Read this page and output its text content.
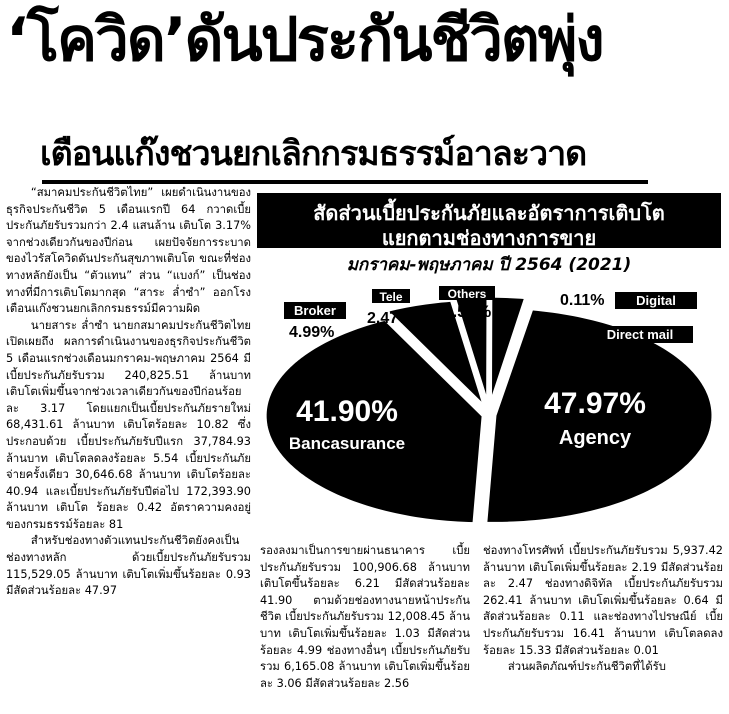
‘โควิด’ดันประกันชีวิตพุ่ง
เตือนแก๊งชวนยกเลิกกรมธรรม์อาละวาด

“สมาคมประกันชีวิตไทย” เผยดำเนินงานของธุรกิจประกันชีวิต 5 เดือนแรกปี 64 กวาดเบี้ยประกันภัยรับรวมกว่า 2.4 แสนล้าน เติบโต 3.17% จากช่วงเดียวกันของปีก่อน เผยปัจจัยการระบาดของไวรัสโควิดดันประกันสุขภาพเติบโต ขณะที่ช่องทางหลักยังเป็น “ตัวแทน” ส่วน “แบงก์” เป็นช่องทางที่มีการเติบโตมากสุด “สาระ ล่ำซำ” ออกโรงเตือนแก๊งชวนยกเลิกกรมธรรม์มีความผิด

นายสาระ ล่ำซำ นายกสมาคมประกันชีวิตไทย เปิดเผยถึง ผลการดำเนินงานของธุรกิจประกันชีวิต 5 เดือนแรกช่วงเดือนมกราคม-พฤษภาคม 2564 มีเบี้ยประกันภัยรับรวม 240,825.51 ล้านบาท เติบโตเพิ่มขึ้นจากช่วงเวลาเดียวกันของปีก่อนร้อยละ 3.17 โดยแยกเป็นเบี้ยประกันภัยรายใหม่ 68,431.61 ล้านบาท เติบโตร้อยละ 10.82 ซึ่งประกอบด้วย เบี้ยประกันภัยรับปีแรก 37,784.93 ล้านบาท เติบโตลดลงร้อยละ 5.54 เบี้ยประกันภัยจ่ายครั้งเดียว 30,646.68 ล้านบาท เติบโตร้อยละ 40.94 และเบี้ยประกันภัยรับปีต่อไป 172,393.90 ล้านบาท เติบโต ร้อยละ 0.42 อัตราความคงอยู่ของกรมธรรม์ร้อยละ 81

สำหรับช่องทางตัวแทนประกันชีวิตยังคงเป็นช่องทางหลัก ด้วยเบี้ยประกันภัยรับรวม 115,529.05 ล้านบาท เติบโตเพิ่มขึ้นร้อยละ 0.93 มีสัดส่วนร้อยละ 47.97

สัดส่วนเบี้ยประกันภัยและอัตราการเติบโต
แยกตามช่องทางการขาย
มกราคม-พฤษภาคม ปี 2564 (2021)
47.97%
Agency
41.90%
Bancasurance
Broker
4.99%
Tele
2.47%*
Others
2.56%
0.11% Digital
0.01% Direct mail

รองลงมาเป็นการขายผ่านธนาคาร เบี้ยประกันภัยรับรวม 100,906.68 ล้านบาท เติบโตขึ้นร้อยละ 6.21 มีสัดส่วนร้อยละ 41.90 ตามด้วยช่องทางนายหน้าประกันชีวิต เบี้ยประกันภัยรับรวม 12,008.45 ล้านบาท เติบโตเพิ่มขึ้นร้อยละ 1.03 มีสัดส่วนร้อยละ 4.99 ช่องทางอื่นๆ เบี้ยประกันภัยรับรวม 6,165.08 ล้านบาท เติบโตเพิ่มขึ้นร้อยละ 3.06 มีสัดส่วนร้อยละ 2.56

ช่องทางโทรศัพท์ เบี้ยประกันภัยรับรวม 5,937.42 ล้านบาท เติบโตเพิ่มขึ้นร้อยละ 2.19 มีสัดส่วนร้อยละ 2.47 ช่องทางดิจิทัล เบี้ยประกันภัยรับรวม 262.41 ล้านบาท เติบโตเพิ่มขึ้นร้อยละ 0.64 มีสัดส่วนร้อยละ 0.11 และช่องทางไปรษณีย์ เบี้ยประกันภัยรับรวม 16.41 ล้านบาท เติบโตลดลงร้อยละ 15.33 มีสัดส่วนร้อยละ 0.01

ส่วนผลิตภัณฑ์ประกันชีวิตที่ได้รับ
